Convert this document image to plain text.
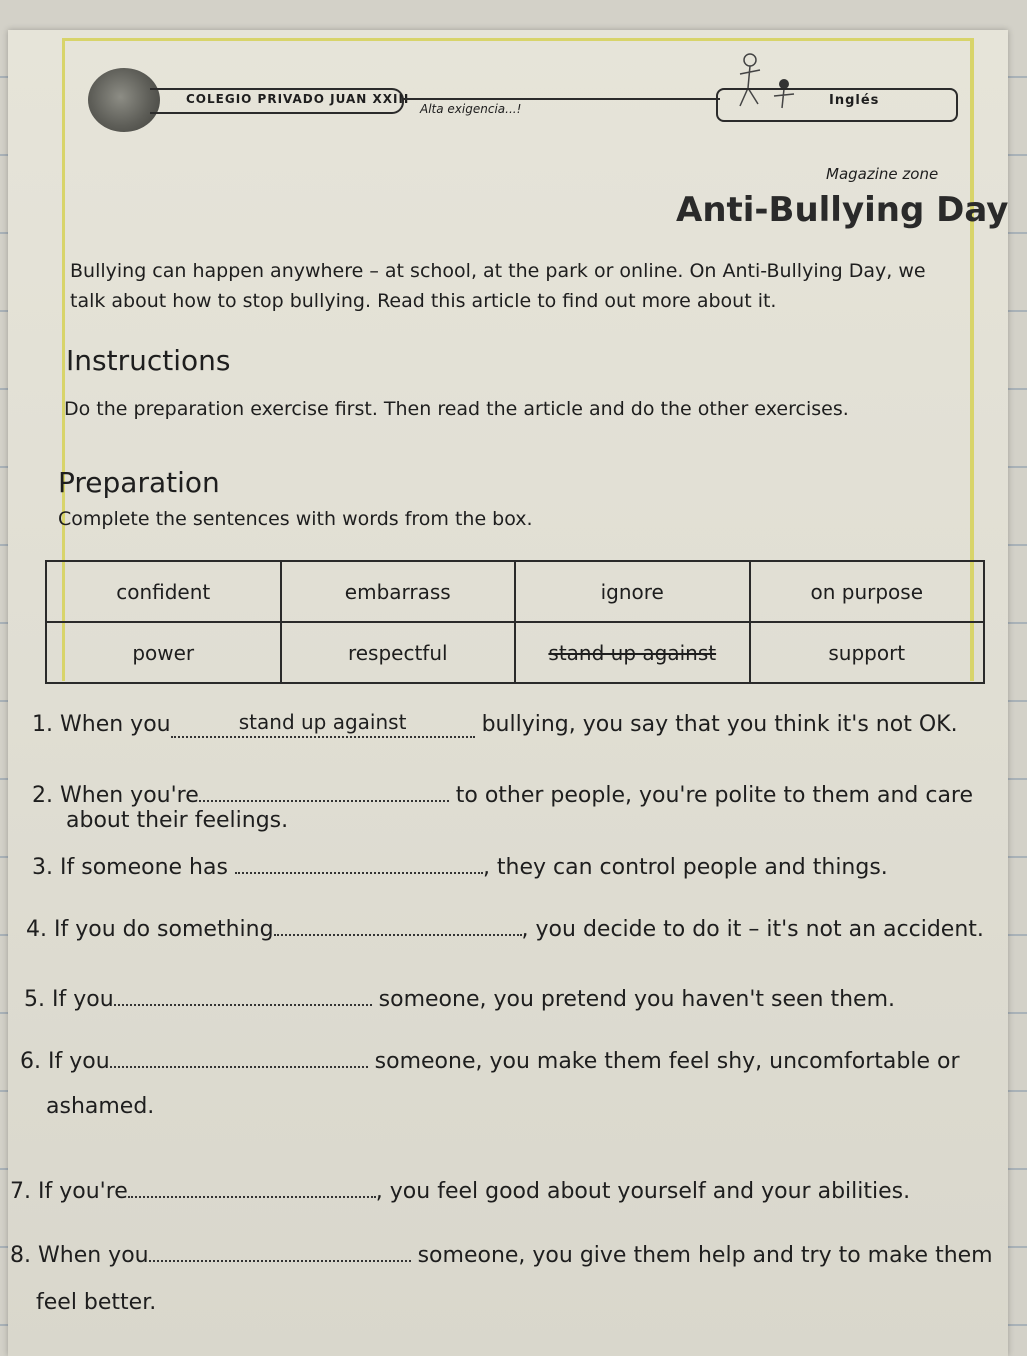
COLEGIO PRIVADO JUAN XXIII
Alta exigencia...!
Inglés
Magazine zone
Anti-Bullying Day
Bullying can happen anywhere – at school, at the park or online. On Anti-Bullying Day, we talk about how to stop bullying. Read this article to find out more about it.
Instructions
Do the preparation exercise first. Then read the article and do the other exercises.
Preparation
Complete the sentences with words from the box.
confident	embarrass	ignore	on purpose
power	respectful	stand up against	support
1. When you	stand up against	bullying, you say that you think it's not OK.
2. When you're	to other people, you're polite to them and care
about their feelings.
3. If someone has	, they can control people and things.
4. If you do something	, you decide to do it – it's not an accident.
5. If you	someone, you pretend you haven't seen them.
6. If you	someone, you make them feel shy, uncomfortable or
ashamed.
7. If you're	, you feel good about yourself and your abilities.
8. When you	someone, you give them help and try to make them
feel better.
